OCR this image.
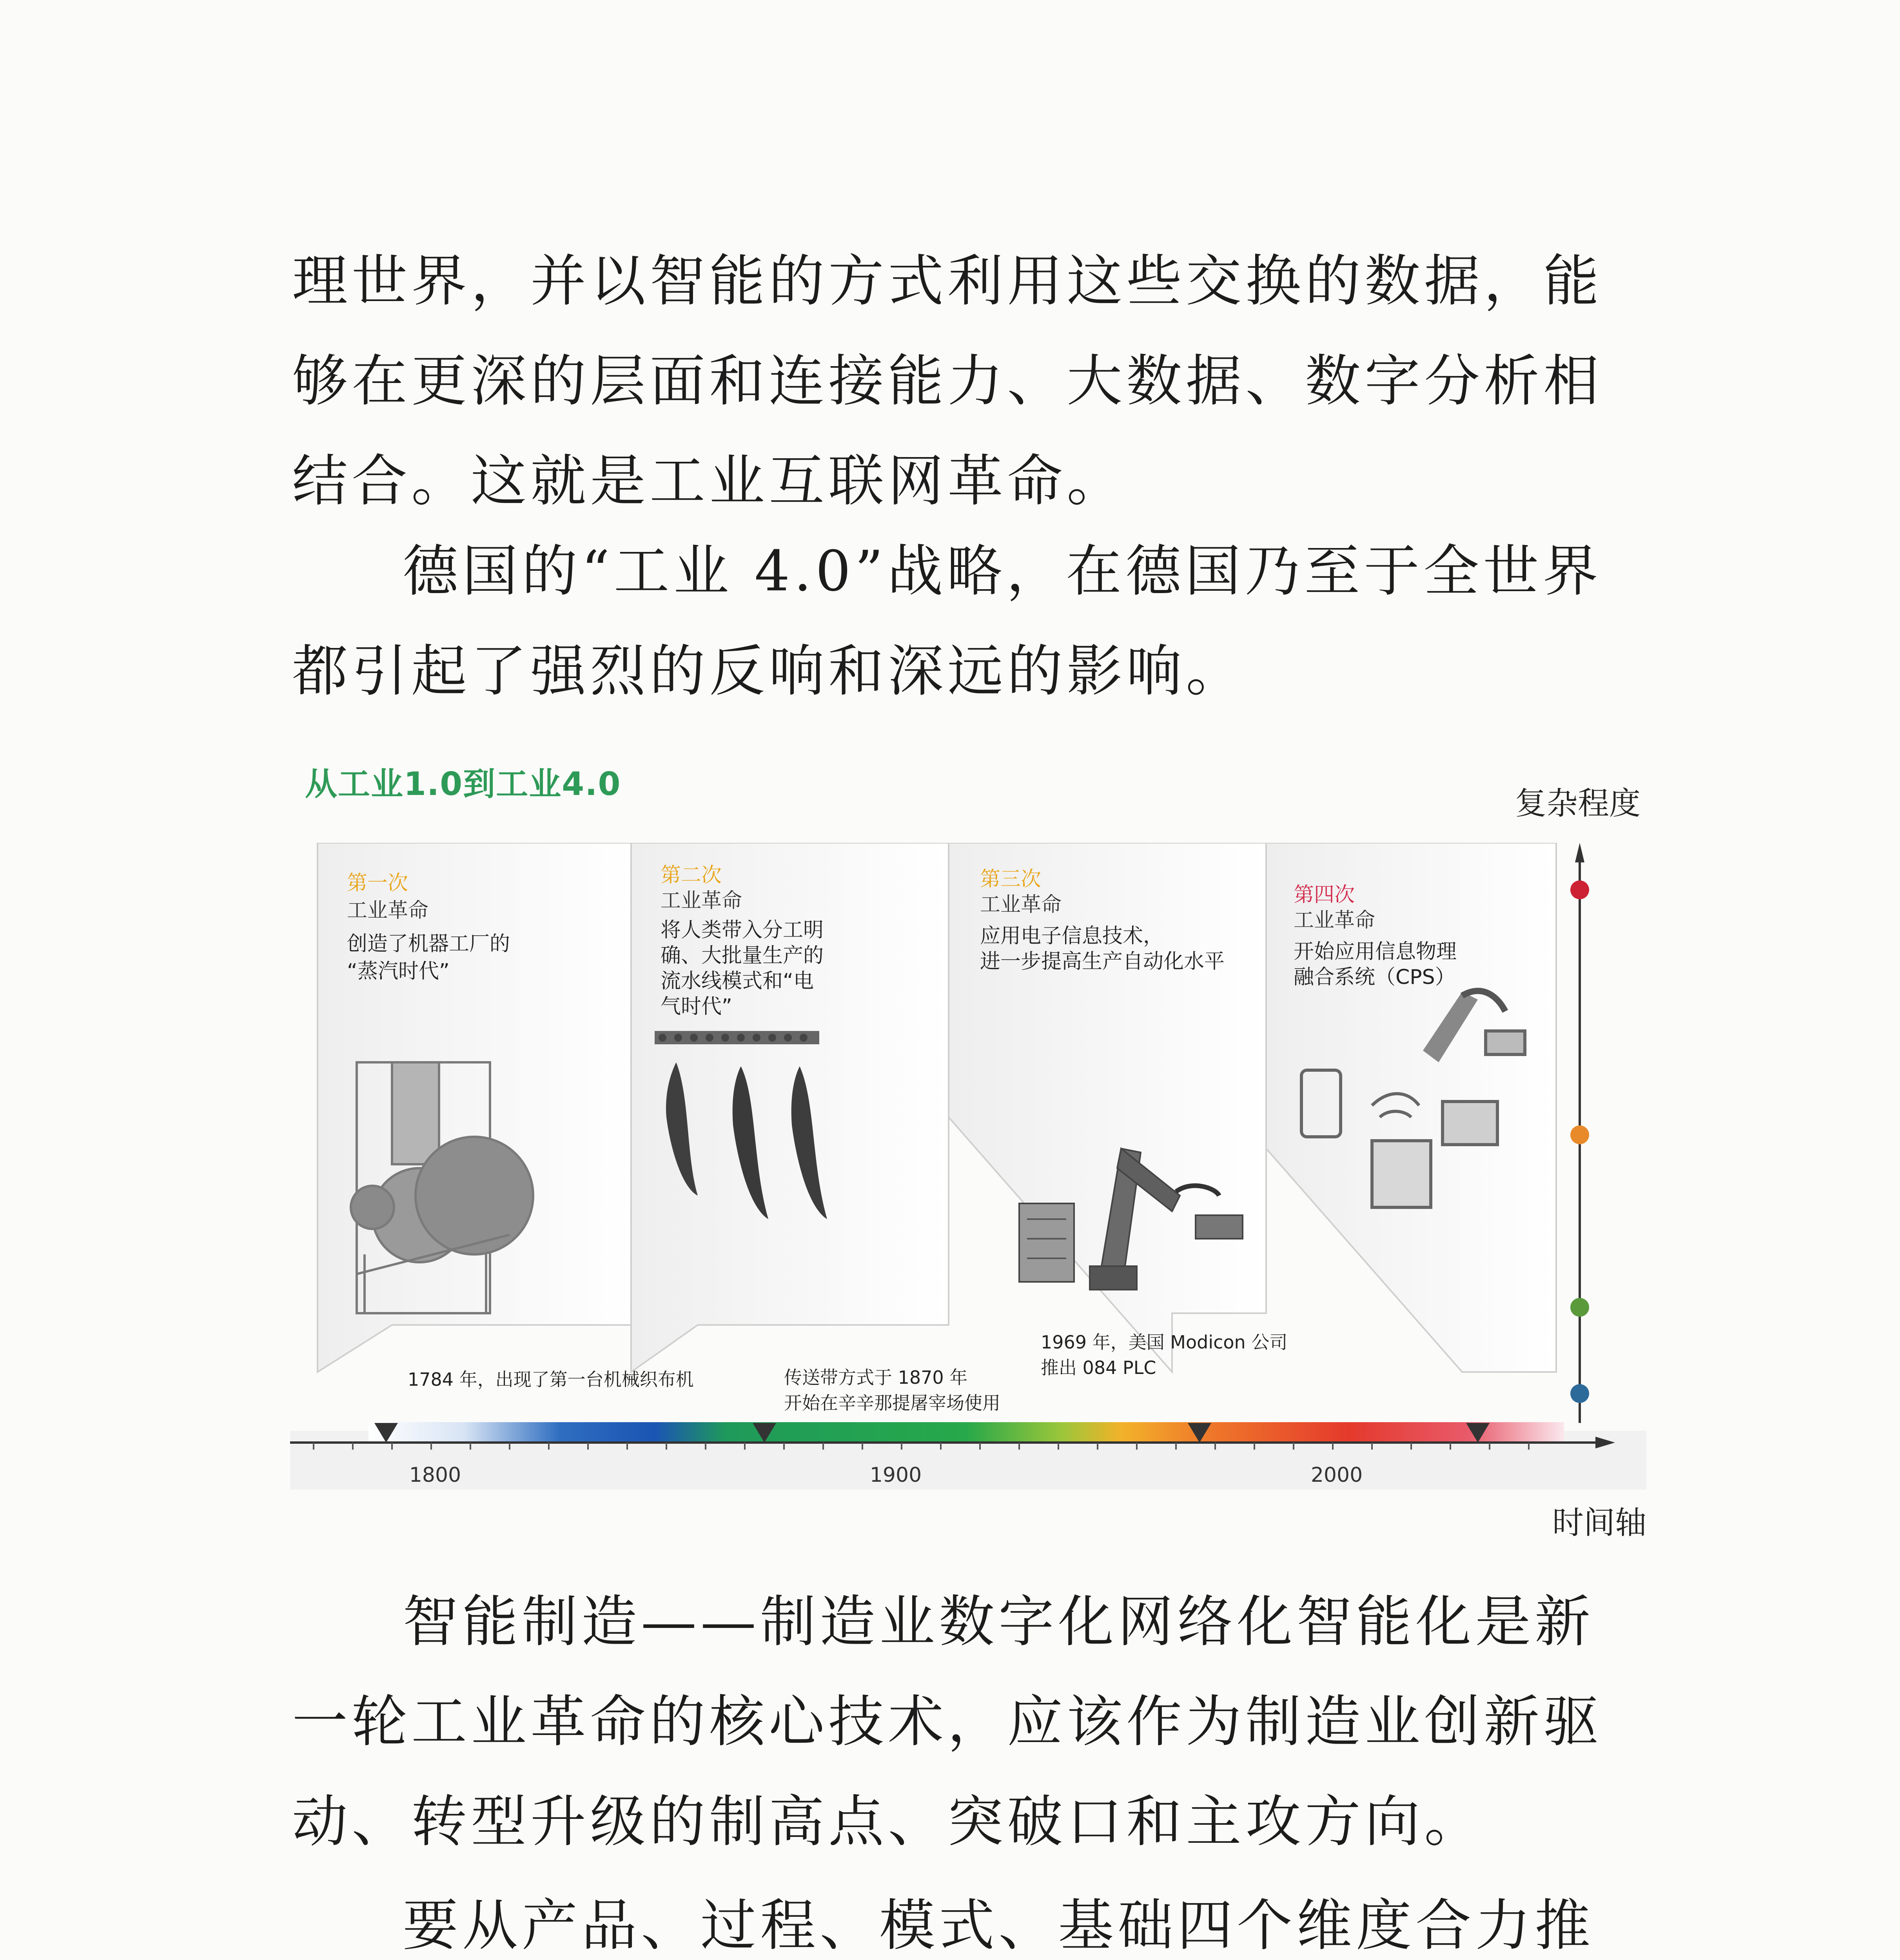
理世界，并以智能的方式利用这些交换的数据，能够在更深的层面和连接能力、大数据、数字分析相结合。这就是工业互联网革命。

德国的“工业 4.0”战略，在德国乃至于全世界都引起了强烈的反响和深远的影响。

从工业1.0到工业4.0
复杂程度
第一次
工业革命
创造了机器工厂的
“蒸汽时代”
第二次
工业革命
将人类带入分工明
确、大批量生产的
流水线模式和“电
气时代”
第三次
工业革命
应用电子信息技术，
进一步提高生产自动化水平
第四次
工业革命
开始应用信息物理
融合系统（CPS）
1784 年，出现了第一台机械织布机	传送带方式于 1870 年
开始在辛辛那提屠宰场使用
1969 年，美国 Modicon 公司
推出 084 PLC
1800	1900	2000
时间轴

智能制造——制造业数字化网络化智能化是新一轮工业革命的核心技术，应该作为制造业创新驱动、转型升级的制高点、突破口和主攻方向。

要从产品、过程、模式、基础四个维度合力推
